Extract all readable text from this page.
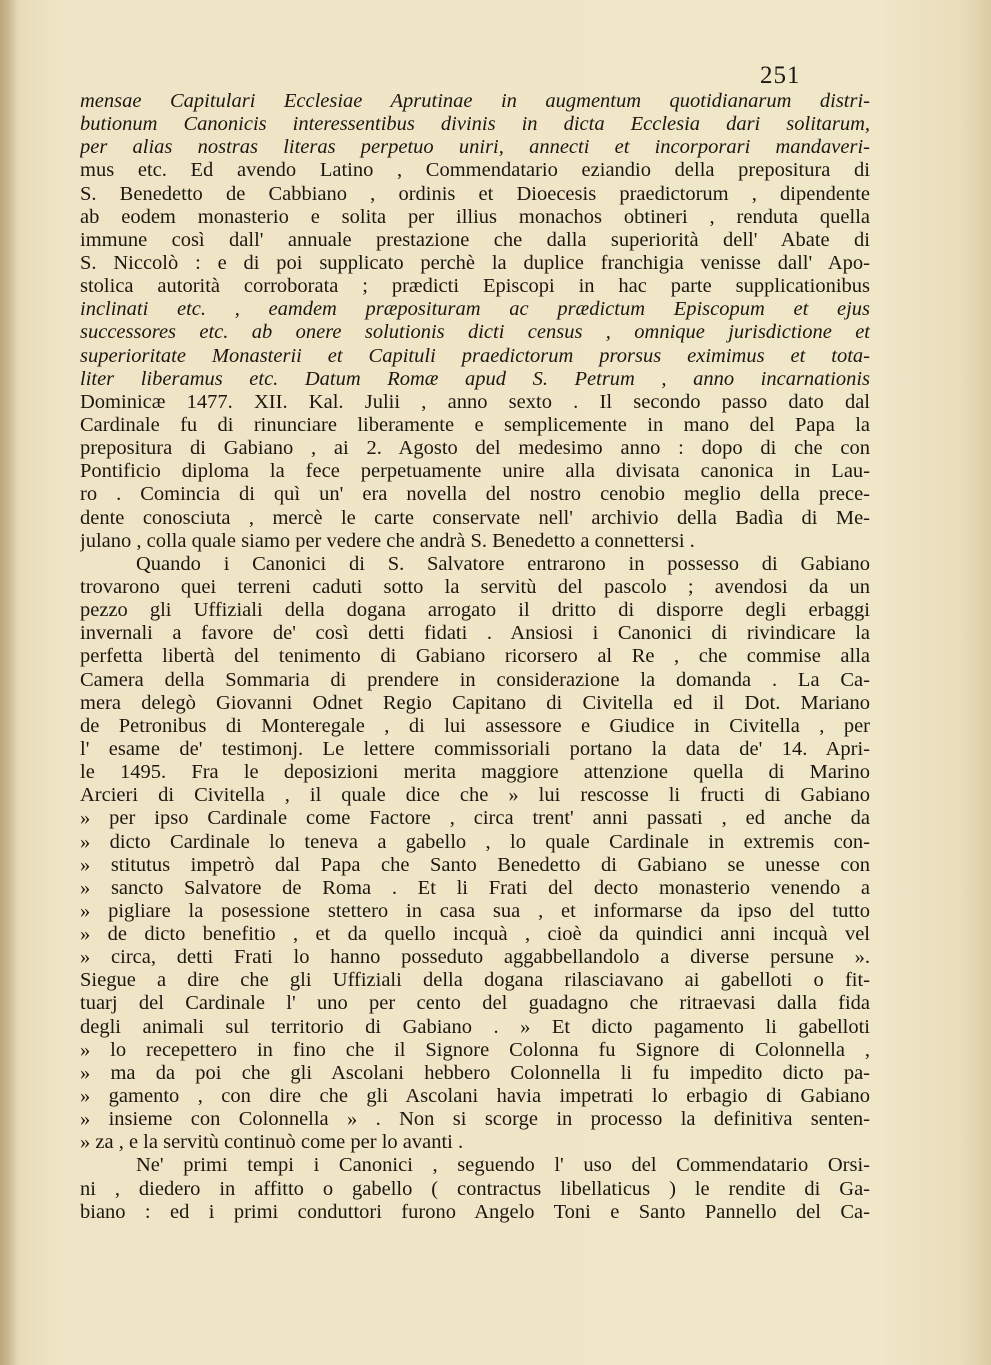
251
mensae Capitulari Ecclesiae Aprutinae in augmentum quotidianarum distri-
butionum Canonicis interessentibus divinis in dicta Ecclesia dari solitarum,
per alias nostras literas perpetuo uniri, annecti et incorporari mandaveri-
mus etc. Ed avendo Latino , Commendatario eziandio della prepositura di
S. Benedetto de Cabbiano , ordinis et Dioecesis praedictorum , dipendente
ab eodem monasterio e solita per illius monachos obtineri , renduta quella
immune così dall' annuale prestazione che dalla superiorità dell' Abate di
S. Niccolò : e di poi supplicato perchè la duplice franchigia venisse dall' Apo-
stolica autorità corroborata ; prædicti Episcopi in hac parte supplicationibus
inclinati etc. , eamdem præposituram ac prædictum Episcopum et ejus
successores etc. ab onere solutionis dicti census , omnique jurisdictione et
superioritate Monasterii et Capituli praedictorum prorsus eximimus et tota-
liter liberamus etc. Datum Romæ apud S. Petrum , anno incarnationis
Dominicæ 1477. XII. Kal. Julii , anno sexto . Il secondo passo dato dal
Cardinale fu di rinunciare liberamente e semplicemente in mano del Papa la
prepositura di Gabiano , ai 2. Agosto del medesimo anno : dopo di che con
Pontificio diploma la fece perpetuamente unire alla divisata canonica in Lau-
ro . Comincia di quì un' era novella del nostro cenobio meglio della prece-
dente conosciuta , mercè le carte conservate nell' archivio della Badìa di Me-
julano , colla quale siamo per vedere che andrà S. Benedetto a connettersi .
Quando i Canonici di S. Salvatore entrarono in possesso di Gabiano
trovarono quei terreni caduti sotto la servitù del pascolo ; avendosi da un
pezzo gli Uffiziali della dogana arrogato il dritto di disporre degli erbaggi
invernali a favore de' così detti fidati . Ansiosi i Canonici di rivindicare la
perfetta libertà del tenimento di Gabiano ricorsero al Re , che commise alla
Camera della Sommaria di prendere in considerazione la domanda . La Ca-
mera delegò Giovanni Odnet Regio Capitano di Civitella ed il Dot. Mariano
de Petronibus di Monteregale , di lui assessore e Giudice in Civitella , per
l' esame de' testimonj. Le lettere commissoriali portano la data de' 14. Apri-
le 1495. Fra le deposizioni merita maggiore attenzione quella di Marino
Arcieri di Civitella , il quale dice che » lui rescosse li fructi di Gabiano
» per ipso Cardinale come Factore , circa trent' anni passati , ed anche da
» dicto Cardinale lo teneva a gabello , lo quale Cardinale in extremis con-
» stitutus impetrò dal Papa che Santo Benedetto di Gabiano se unesse con
» sancto Salvatore de Roma . Et li Frati del decto monasterio venendo a
» pigliare la posessione stettero in casa sua , et informarse da ipso del tutto
» de dicto benefitio , et da quello incquà , cioè da quindici anni incquà vel
» circa, detti Frati lo hanno posseduto aggabbellandolo a diverse persune ».
Siegue a dire che gli Uffiziali della dogana rilasciavano ai gabelloti o fit-
tuarj del Cardinale l' uno per cento del guadagno che ritraevasi dalla fida
degli animali sul territorio di Gabiano . » Et dicto pagamento li gabelloti
» lo recepettero in fino che il Signore Colonna fu Signore di Colonnella ,
» ma da poi che gli Ascolani hebbero Colonnella li fu impedito dicto pa-
» gamento , con dire che gli Ascolani havia impetrati lo erbagio di Gabiano
» insieme con Colonnella » . Non si scorge in processo la definitiva senten-
» za , e la servitù continuò come per lo avanti .
Ne' primi tempi i Canonici , seguendo l' uso del Commendatario Orsi-
ni , diedero in affitto o gabello ( contractus libellaticus ) le rendite di Ga-
biano : ed i primi conduttori furono Angelo Toni e Santo Pannello del Ca-
